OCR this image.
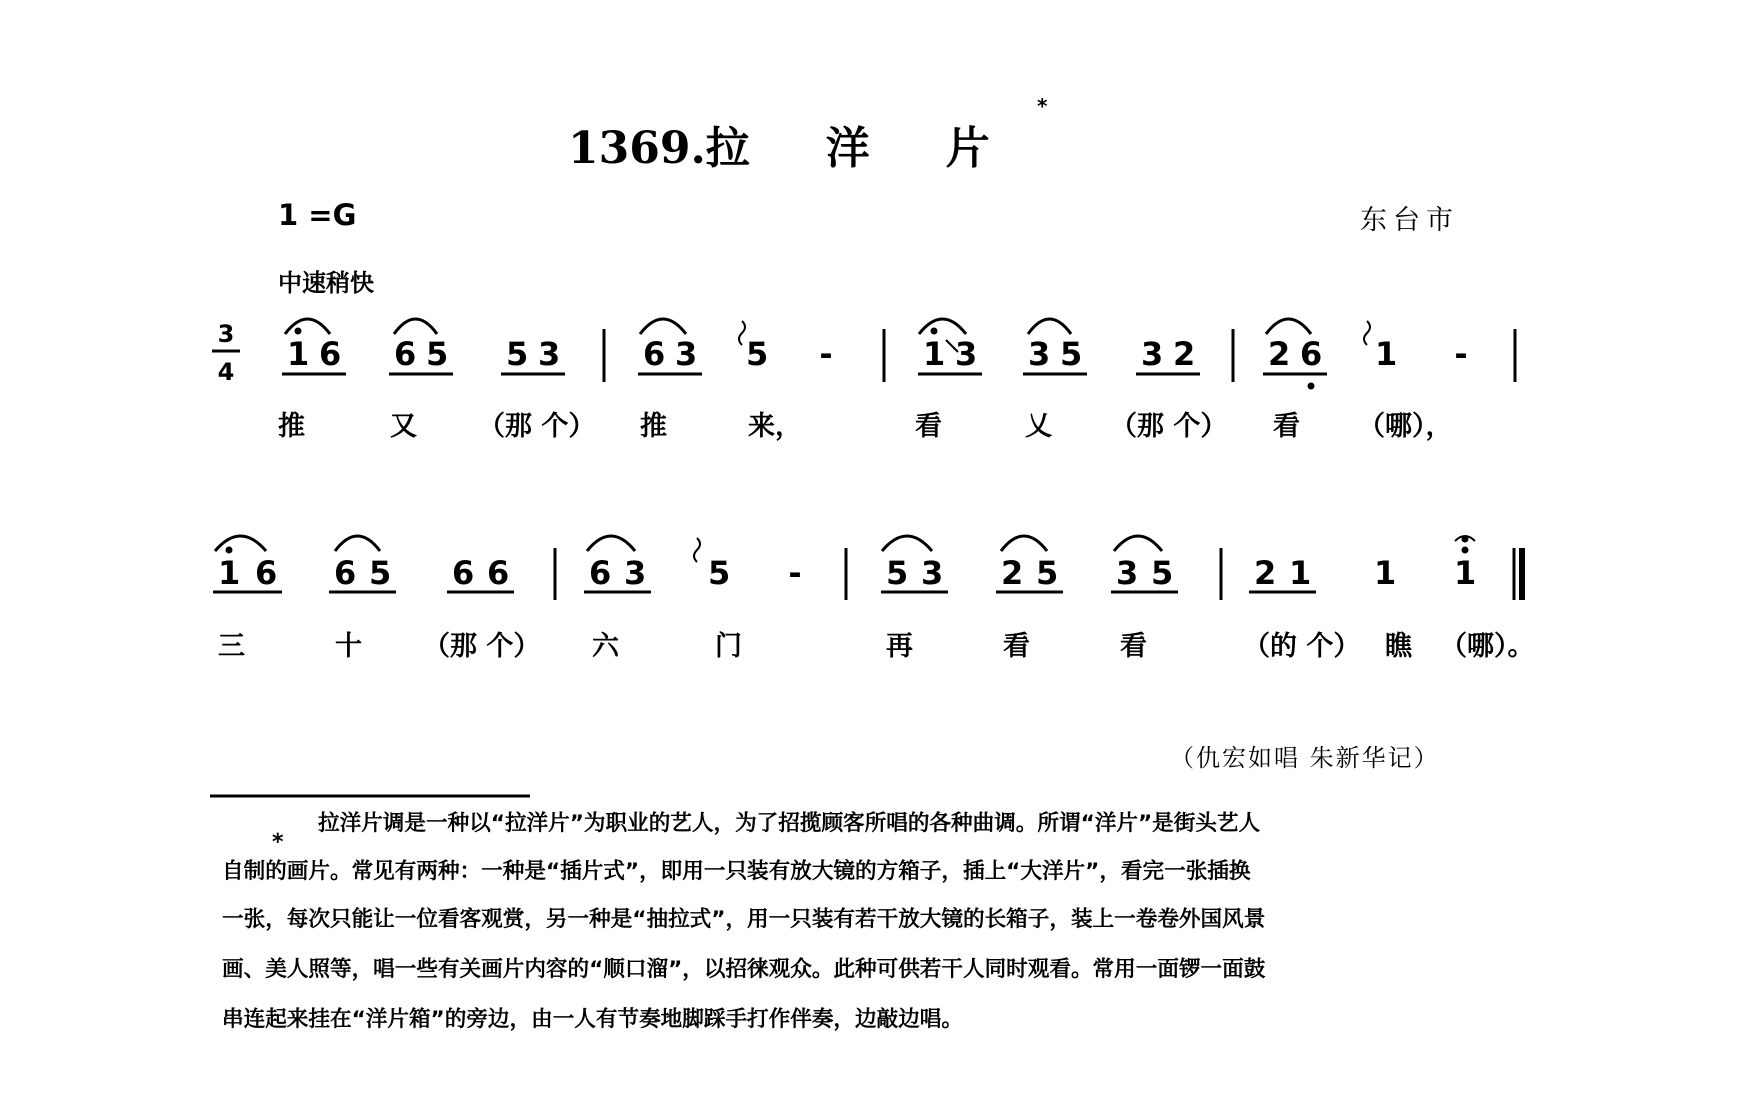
1369.拉 洋 片
*
1 =G
中速稍快
东台市
3
4 1 6 6 5 5 3	6 3 5 -	1 3 3 5 3 2 2 6 1 -
1 6 6 5 6 6 6 3 5 -	5 3 2 5 3 5	2 1 1 1
推	又 （那 个） 推	来，	看	乂 （那 个） 看 （哪），
三	十 （那 个） 六	门	再	看	看	（的 个） 瞧 （哪）。
（仇宏如唱 朱新华记）
*
拉洋片调是一种以“拉洋片”为职业的艺人，为了招揽顾客所唱的各种曲调。所谓“洋片”是街头艺人
自制的画片。常见有两种：一种是“插片式”，即用一只装有放大镜的方箱子，插上“大洋片”，看完一张插换
一张，每次只能让一位看客观赏，另一种是“抽拉式”，用一只装有若干放大镜的长箱子，装上一卷卷外国风景
画、美人照等，唱一些有关画片内容的“顺口溜”，以招徕观众。此种可供若干人同时观看。常用一面锣一面鼓
串连起来挂在“洋片箱”的旁边，由一人有节奏地脚踩手打作伴奏，边敲边唱。
